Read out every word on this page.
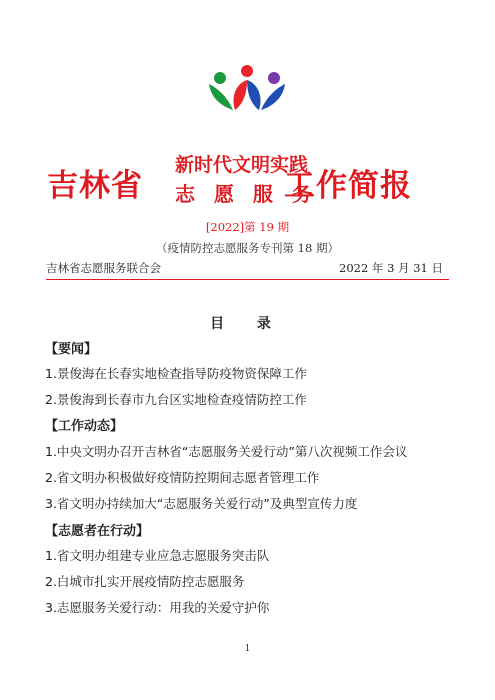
吉林省
新时代文明实践
志 愿 服 务
工作简报
[2022]第 19 期
（疫情防控志愿服务专刊第 18 期）
吉林省志愿服务联合会	2022 年 3 月 31 日
目 录
【要闻】
1.景俊海在长春实地检查指导防疫物资保障工作
2.景俊海到长春市九台区实地检查疫情防控工作
【工作动态】
1.中央文明办召开吉林省“志愿服务关爱行动”第八次视频工作会议
2.省文明办积极做好疫情防控期间志愿者管理工作
3.省文明办持续加大“志愿服务关爱行动”及典型宣传力度
【志愿者在行动】
1.省文明办组建专业应急志愿服务突击队
2.白城市扎实开展疫情防控志愿服务
3.志愿服务关爱行动：用我的关爱守护你
1
